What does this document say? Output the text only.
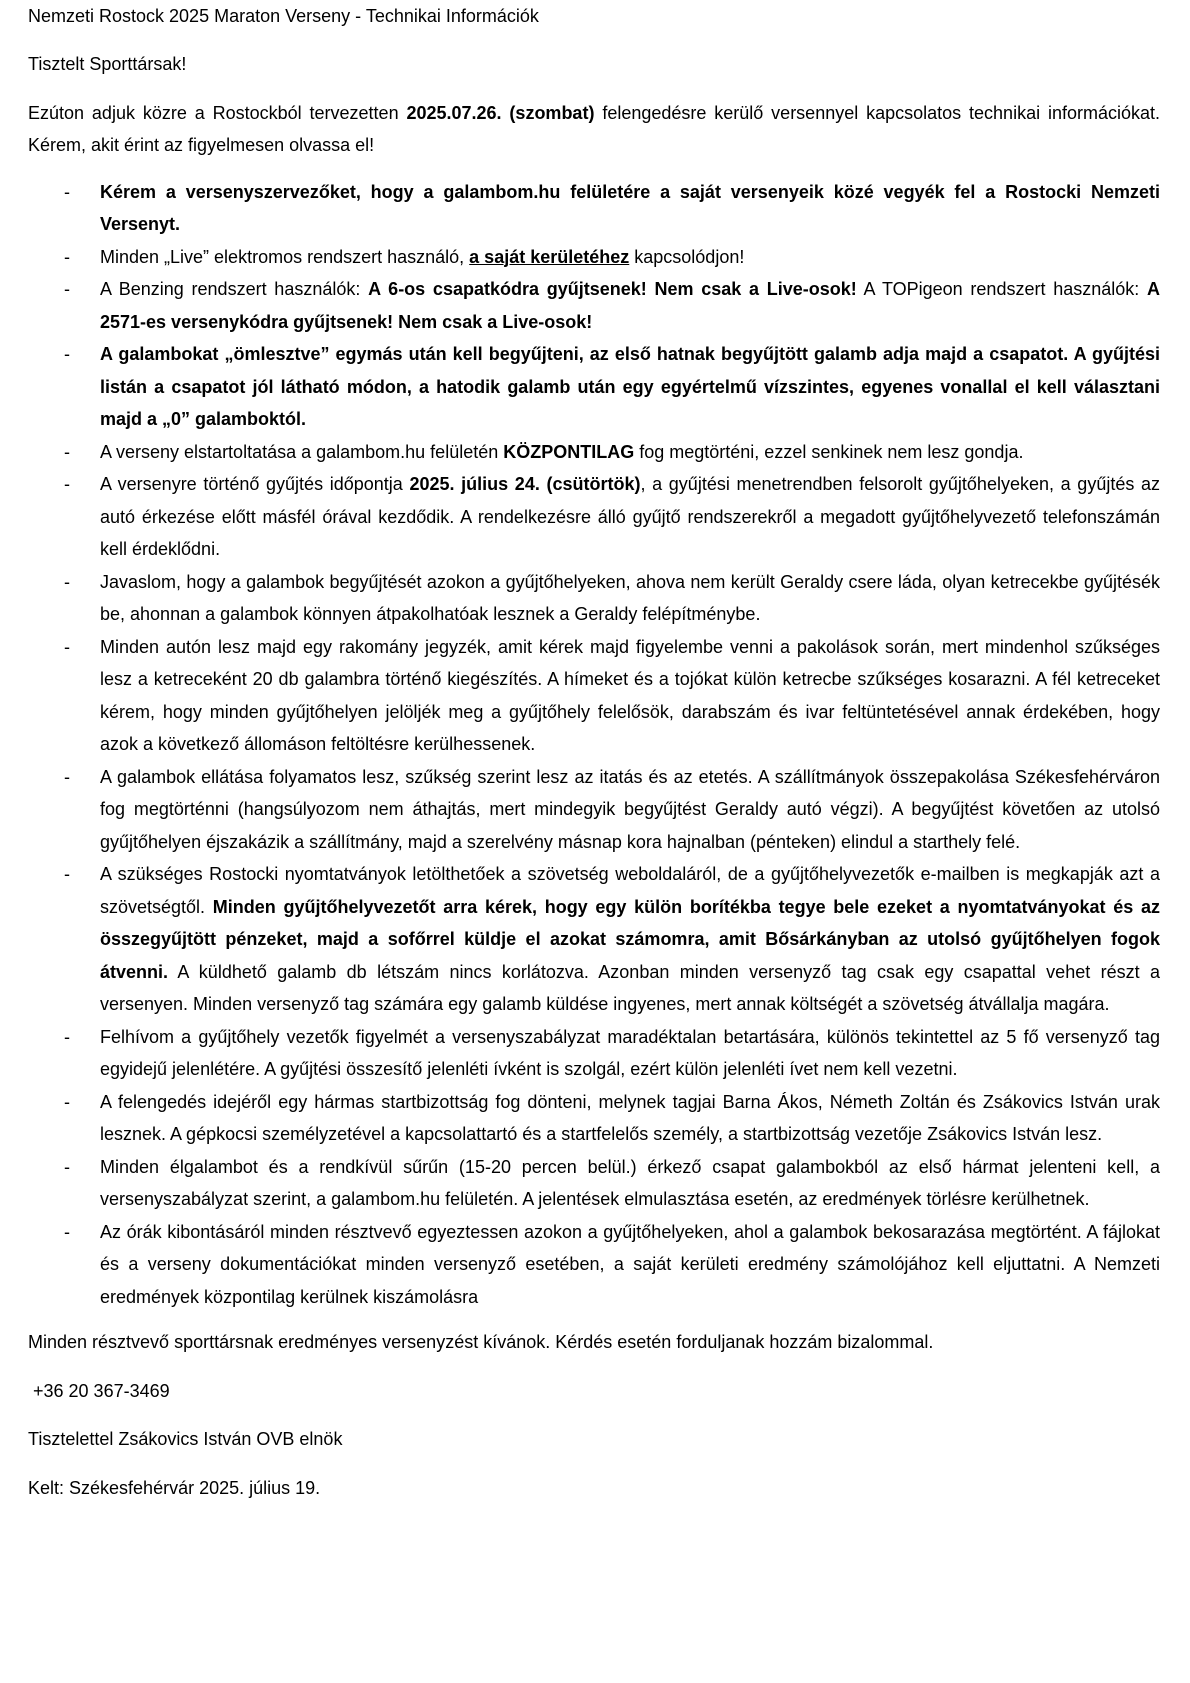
Nemzeti Rostock 2025 Maraton Verseny - Technikai Információk
Tisztelt Sporttársak!
Ezúton adjuk közre a Rostockból tervezetten 2025.07.26. (szombat) felengedésre kerülő versennyel kapcsolatos technikai információkat. Kérem, akit érint az figyelmesen olvassa el!
- Kérem a versenyszervezőket, hogy a galambom.hu felületére a saját versenyeik közé vegyék fel a Rostocki Nemzeti Versenyt.
- Minden „Live” elektromos rendszert használó, a saját kerületéhez kapcsolódjon!
- A Benzing rendszert használók: A 6-os csapatkódra gyűjtsenek! Nem csak a Live-osok! A TOPigeon rendszert használók: A 2571-es versenykódra gyűjtsenek! Nem csak a Live-osok!
- A galambokat „ömlesztve” egymás után kell begyűjteni, az első hatnak begyűjtött galamb adja majd a csapatot. A gyűjtési listán a csapatot jól látható módon, a hatodik galamb után egy egyértelmű vízszintes, egyenes vonallal el kell választani majd a „0” galamboktól.
- A verseny elstartoltatása a galambom.hu felületén KÖZPONTILAG fog megtörténi, ezzel senkinek nem lesz gondja.
- A versenyre történő gyűjtés időpontja 2025. július 24. (csütörtök), a gyűjtési menetrendben felsorolt gyűjtőhelyeken, a gyűjtés az autó érkezése előtt másfél órával kezdődik. A rendelkezésre álló gyűjtő rendszerekről a megadott gyűjtőhelyvezető telefonszámán kell érdeklődni.
- Javaslom, hogy a galambok begyűjtését azokon a gyűjtőhelyeken, ahova nem került Geraldy csere láda, olyan ketrecekbe gyűjtésék be, ahonnan a galambok könnyen átpakolhatóak lesznek a Geraldy felépítménybe.
- Minden autón lesz majd egy rakomány jegyzék, amit kérek majd figyelembe venni a pakolások során, mert mindenhol szűkséges lesz a ketreceként 20 db galambra történő kiegészítés. A hímeket és a tojókat külön ketrecbe szűkséges kosarazni. A fél ketreceket kérem, hogy minden gyűjtőhelyen jelöljék meg a gyűjtőhely felelősök, darabszám és ivar feltüntetésével annak érdekében, hogy azok a következő állomáson feltöltésre kerülhessenek.
- A galambok ellátása folyamatos lesz, szűkség szerint lesz az itatás és az etetés. A szállítmányok összepakolása Székesfehérváron fog megtörténni (hangsúlyozom nem áthajtás, mert mindegyik begyűjtést Geraldy autó végzi). A begyűjtést követően az utolsó gyűjtőhelyen éjszakázik a szállítmány, majd a szerelvény másnap kora hajnalban (pénteken) elindul a starthely felé.
- A szükséges Rostocki nyomtatványok letölthetőek a szövetség weboldaláról, de a gyűjtőhelyvezetők e-mailben is megkapják azt a szövetségtől. Minden gyűjtőhelyvezetőt arra kérek, hogy egy külön borítékba tegye bele ezeket a nyomtatványokat és az összegyűjtött pénzeket, majd a sofőrrel küldje el azokat számomra, amit Bősárkányban az utolsó gyűjtőhelyen fogok átvenni. A küldhető galamb db létszám nincs korlátozva. Azonban minden versenyző tag csak egy csapattal vehet részt a versenyen. Minden versenyző tag számára egy galamb küldése ingyenes, mert annak költségét a szövetség átvállalja magára.
- Felhívom a gyűjtőhely vezetők figyelmét a versenyszabályzat maradéktalan betartására, különös tekintettel az 5 fő versenyző tag egyidejű jelenlétére. A gyűjtési összesítő jelenléti ívként is szolgál, ezért külön jelenléti ívet nem kell vezetni.
- A felengedés idejéről egy hármas startbizottság fog dönteni, melynek tagjai Barna Ákos, Németh Zoltán és Zsákovics István urak lesznek. A gépkocsi személyzetével a kapcsolattartó és a startfelelős személy, a startbizottság vezetője Zsákovics István lesz.
- Minden élgalambot és a rendkívül sűrűn (15-20 percen belül.) érkező csapat galambokból az első hármat jelenteni kell, a versenyszabályzat szerint, a galambom.hu felületén. A jelentések elmulasztása esetén, az eredmények törlésre kerülhetnek.
- Az órák kibontásáról minden résztvevő egyeztessen azokon a gyűjtőhelyeken, ahol a galambok bekosarazása megtörtént. A fájlokat és a verseny dokumentációkat minden versenyző esetében, a saját kerületi eredmény számolójához kell eljuttatni. A Nemzeti eredmények központilag kerülnek kiszámolásra
Minden résztvevő sporttársnak eredményes versenyzést kívánok. Kérdés esetén forduljanak hozzám bizalommal.
+36 20 367-3469
Tisztelettel Zsákovics István OVB elnök
Kelt: Székesfehérvár 2025. július 19.
